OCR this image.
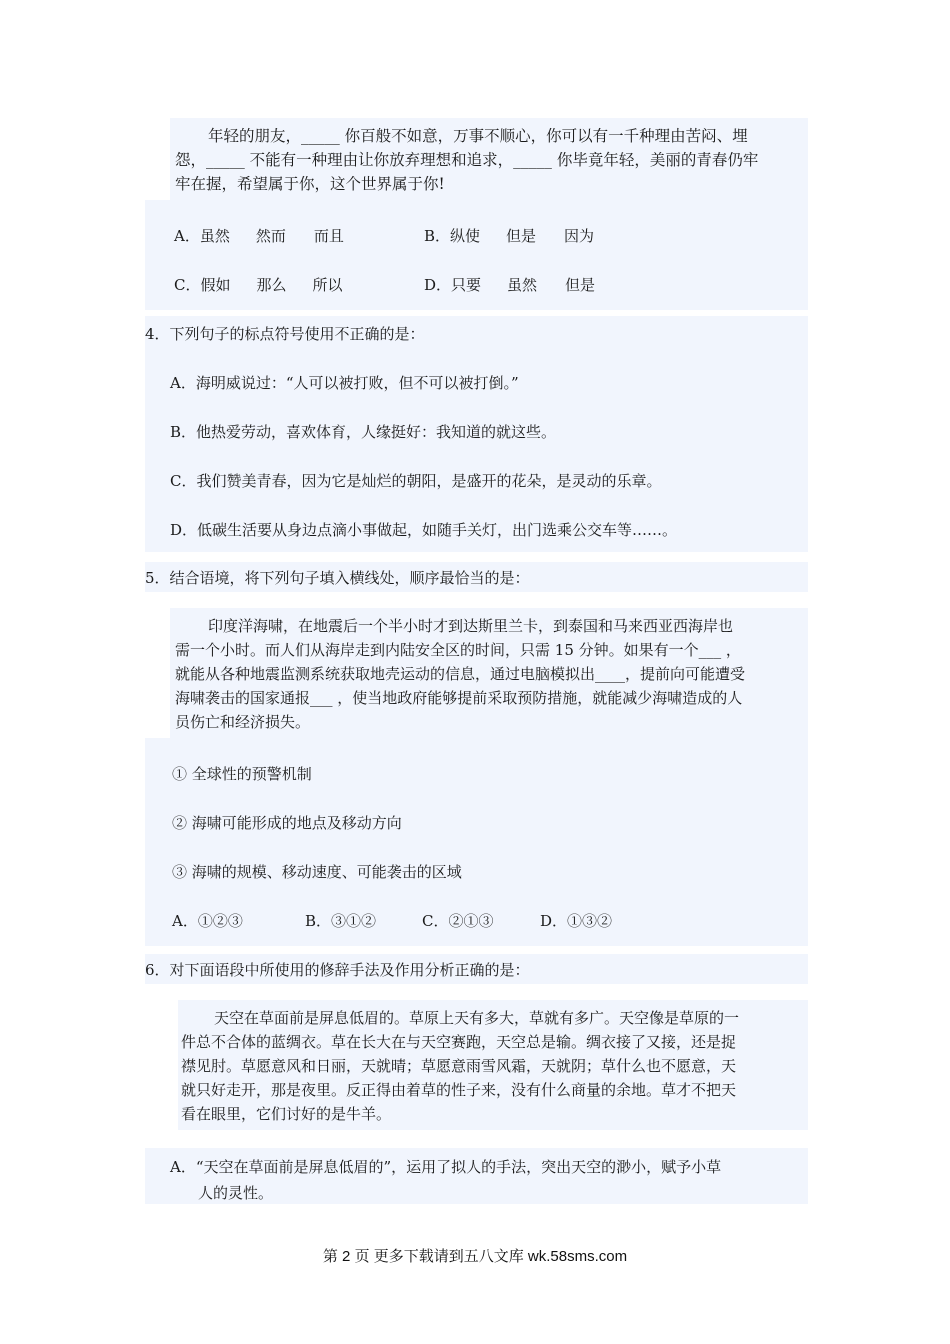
年轻的朋友，_____ 你百般不如意，万事不顺心，你可以有一千种理由苦闷、埋

怨，_____ 不能有一种理由让你放弃理想和追求，_____ 你毕竟年轻，美丽的青春仍牢

牢在握，希望属于你，这个世界属于你!

A．虽然 然而 而且	B．纵使 但是 因为
C．假如 那么 所以	D．只要 虽然 但是
4．下列句子的标点符号使用不正确的是：
A．海明威说过：“人可以被打败，但不可以被打倒。”
B．他热爱劳动，喜欢体育，人缘挺好：我知道的就这些。
C．我们赞美青春，因为它是灿烂的朝阳，是盛开的花朵，是灵动的乐章。
D．低碳生活要从身边点滴小事做起，如随手关灯，出门选乘公交车等……。
5．结合语境，将下列句子填入横线处，顺序最恰当的是：

印度洋海啸，在地震后一个半小时才到达斯里兰卡，到泰国和马来西亚西海岸也

需一个小时。而人们从海岸走到内陆安全区的时间，只需 15 分钟。如果有一个___ ，

就能从各种地震监测系统获取地壳运动的信息，通过电脑模拟出____，提前向可能遭受

海啸袭击的国家通报___ ，使当地政府能够提前采取预防措施，就能减少海啸造成的人

员伤亡和经济损失。

① 全球性的预警机制
② 海啸可能形成的地点及移动方向
③ 海啸的规模、移动速度、可能袭击的区域
A．①②③	B．③①②	C．②①③	D．①③②
6．对下面语段中所使用的修辞手法及作用分析正确的是：

天空在草面前是屏息低眉的。草原上天有多大，草就有多广。天空像是草原的一

件总不合体的蓝绸衣。草在长大在与天空赛跑，天空总是输。绸衣接了又接，还是捉

襟见肘。草愿意风和日丽，天就晴；草愿意雨雪风霜，天就阴；草什么也不愿意，天

就只好走开，那是夜里。反正得由着草的性子来，没有什么商量的余地。草才不把天

看在眼里，它们讨好的是牛羊。

A．“天空在草面前是屏息低眉的”，运用了拟人的手法，突出天空的渺小，赋予小草

人的灵性。

第 2 页 更多下载请到五八文库 wk.58sms.com
